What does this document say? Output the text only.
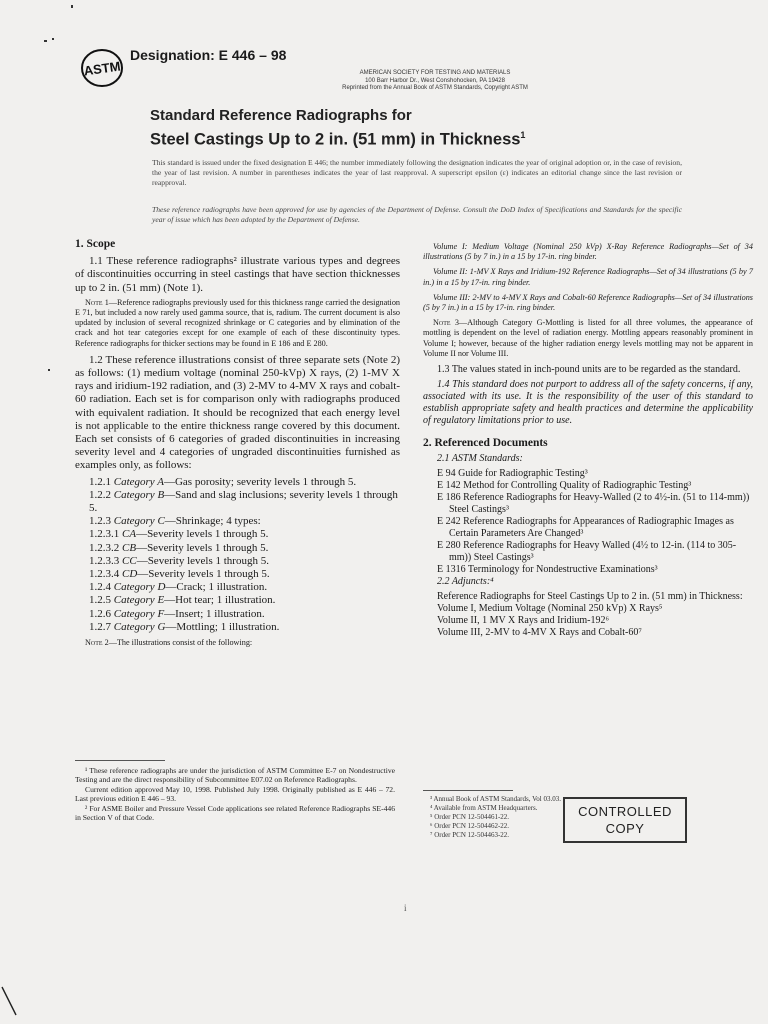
ASTM
Designation: E 446 – 98
AMERICAN SOCIETY FOR TESTING AND MATERIALS
100 Barr Harbor Dr., West Conshohocken, PA 19428
Reprinted from the Annual Book of ASTM Standards, Copyright ASTM
Standard Reference Radiographs for
Steel Castings Up to 2 in. (51 mm) in Thickness$^1$
This standard is issued under the fixed designation E 446; the number immediately following the designation indicates the year of original adoption or, in the case of revision, the year of last revision. A number in parentheses indicates the year of last reapproval. A superscript epsilon (ε) indicates an editorial change since the last revision or reapproval.
These reference radiographs have been approved for use by agencies of the Department of Defense. Consult the DoD Index of Specifications and Standards for the specific year of issue which has been adopted by the Department of Defense.
1. Scope

1.1 These reference radiographs² illustrate various types and degrees of discontinuities occurring in steel castings that have section thicknesses up to 2 in. (51 mm) (Note 1).

Note 1—Reference radiographs previously used for this thickness range carried the designation E 71, but included a now rarely used gamma source, that is, radium. The current document is also updated by inclusion of several recognized shrinkage or C categories and by elimination of the crack and hot tear categories except for one example of each of these discontinuity types. Reference radiographs for thicker sections may be found in E 186 and E 280.

1.2 These reference illustrations consist of three separate sets (Note 2) as follows: (1) medium voltage (nominal 250-kVp) X rays, (2) 1-MV X rays and iridium-192 radiation, and (3) 2-MV to 4-MV X rays and cobalt-60 radiation. Each set is for comparison only with radiographs produced with equivalent radiation. It should be recognized that each energy level is not applicable to the entire thickness range covered by this document. Each set consists of 6 categories of graded discontinuities in increasing severity level and 4 categories of ungraded discontinuities furnished as examples only, as follows:

1.2.1 Category A—Gas porosity; severity levels 1 through 5.
1.2.2 Category B—Sand and slag inclusions; severity levels 1 through 5.
1.2.3 Category C—Shrinkage; 4 types:
1.2.3.1 CA—Severity levels 1 through 5.
1.2.3.2 CB—Severity levels 1 through 5.
1.2.3.3 CC—Severity levels 1 through 5.
1.2.3.4 CD—Severity levels 1 through 5.
1.2.4 Category D—Crack; 1 illustration.
1.2.5 Category E—Hot tear; 1 illustration.
1.2.6 Category F—Insert; 1 illustration.
1.2.7 Category G—Mottling; 1 illustration.

Note 2—The illustrations consist of the following:

¹ These reference radiographs are under the jurisdiction of ASTM Committee E-7 on Nondestructive Testing and are the direct responsibility of Subcommittee E07.02 on Reference Radiographs.

Current edition approved May 10, 1998. Published July 1998. Originally published as E 446 – 72. Last previous edition E 446 – 93.

² For ASME Boiler and Pressure Vessel Code applications see related Reference Radiographs SE-446 in Section V of that Code.

Volume I: Medium Voltage (Nominal 250 kVp) X-Ray Reference Radiographs—Set of 34 illustrations (5 by 7 in.) in a 15 by 17-in. ring binder.

Volume II: 1-MV X Rays and Iridium-192 Reference Radiographs—Set of 34 illustrations (5 by 7 in.) in a 15 by 17-in. ring binder.

Volume III: 2-MV to 4-MV X Rays and Cobalt-60 Reference Radiographs—Set of 34 illustrations (5 by 7 in.) in a 15 by 17-in. ring binder.

Note 3—Although Category G-Mottling is listed for all three volumes, the appearance of mottling is dependent on the level of radiation energy. Mottling appears reasonably prominent in Volume I; however, because of the higher radiation energy levels mottling may not be apparent in Volume II nor Volume III.

1.3 The values stated in inch-pound units are to be regarded as the standard.

1.4 This standard does not purport to address all of the safety concerns, if any, associated with its use. It is the responsibility of the user of this standard to establish appropriate safety and health practices and determine the applicability of regulatory limitations prior to use.

2. Referenced Documents

2.1 ASTM Standards:

E 94 Guide for Radiographic Testing³
E 142 Method for Controlling Quality of Radiographic Testing³
E 186 Reference Radiographs for Heavy-Walled (2 to 4½-in. (51 to 114-mm)) Steel Castings³
E 242 Reference Radiographs for Appearances of Radiographic Images as Certain Parameters Are Changed³
E 280 Reference Radiographs for Heavy Walled (4½ to 12-in. (114 to 305-mm)) Steel Castings³
E 1316 Terminology for Nondestructive Examinations³

2.2 Adjuncts:⁴

Reference Radiographs for Steel Castings Up to 2 in. (51 mm) in Thickness:
Volume I, Medium Voltage (Nominal 250 kVp) X Rays⁵
Volume II, 1 MV X Rays and Iridium-192⁶
Volume III, 2-MV to 4-MV X Rays and Cobalt-60⁷
³ Annual Book of ASTM Standards, Vol 03.03.
⁴ Available from ASTM Headquarters.
⁵ Order PCN 12-504461-22.
⁶ Order PCN 12-504462-22.
⁷ Order PCN 12-504463-22.
CONTROLLED
COPY
i
